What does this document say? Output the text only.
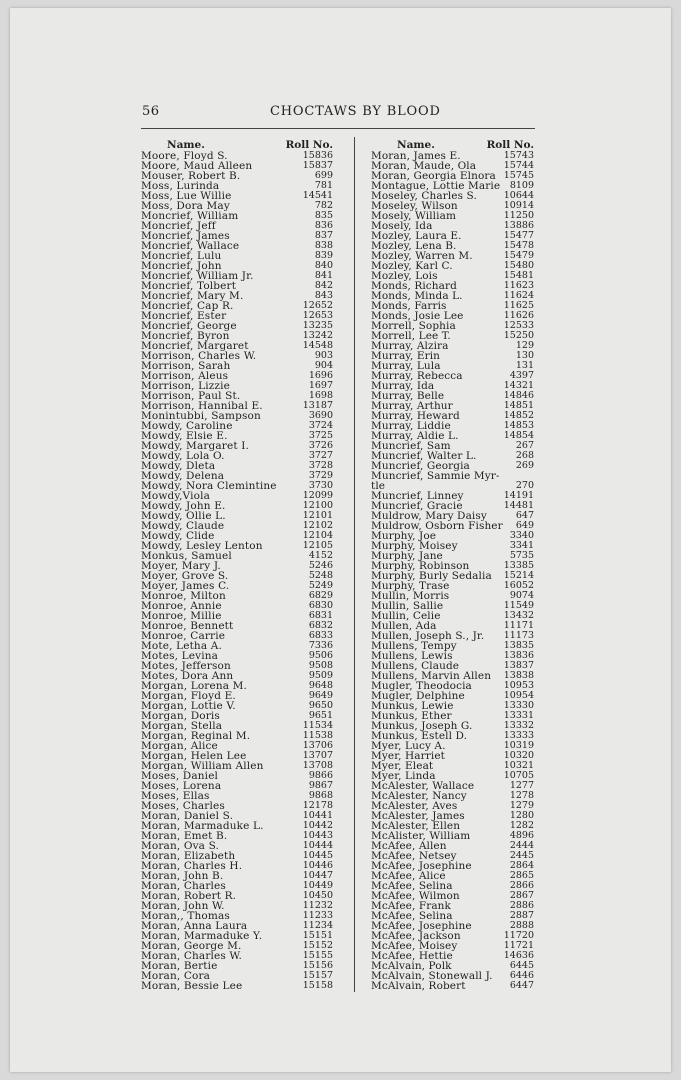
56	CHOCTAWS BY BLOOD
Name.	Roll No.
Moore, Floyd S.	15836
Moore, Maud Alleen	15837
Mouser, Robert B.	699
Moss, Lurinda	781
Moss, Lue Willie	14541
Moss, Dora May	782
Moncrief, William	835
Moncrief, Jeff	836
Moncrief, James	837
Moncrief, Wallace	838
Moncrief, Lulu	839
Moncrief, John	840
Moncrief, William Jr.	841
Moncrief, Tolbert	842
Moncrief, Mary M.	843
Moncrief, Cap R.	12652
Moncrief, Ester	12653
Moncrief, George	13235
Moncrief, Byron	13242
Moncrief, Margaret	14548
Morrison, Charles W.	903
Morrison, Sarah	904
Morrison, Aleus	1696
Morrison, Lizzie	1697
Morrison, Paul St.	1698
Morrison, Hannibal E.	13187
Monintubbi, Sampson	3690
Mowdy, Caroline	3724
Mowdy, Elsie E.	3725
Mowdy, Margaret I.	3726
Mowdy, Lola O.	3727
Mowdy, Dleta	3728
Mowdy, Delena	3729
Mowdy, Nora Clemintine	3730
Mowdy,Viola	12099
Mowdy, John E.	12100
Mowdy, Ollie L.	12101
Mowdy, Claude	12102
Mowdy, Clide	12104
Mowdy, Lesley Lenton	12105
Monkus, Samuel	4152
Moyer, Mary J.	5246
Moyer, Grove S.	5248
Moyer, James C.	5249
Monroe, Milton	6829
Monroe, Annie	6830
Monroe, Millie	6831
Monroe, Bennett	6832
Monroe, Carrie	6833
Mote, Letha A.	7336
Motes, Levina	9506
Motes, Jefferson	9508
Motes, Dora Ann	9509
Morgan, Lorena M.	9648
Morgan, Floyd E.	9649
Morgan, Lottie V.	9650
Morgan, Doris	9651
Morgan, Stella	11534
Morgan, Reginal M.	11538
Morgan, Alice	13706
Morgan, Helen Lee	13707
Morgan, William Allen	13708
Moses, Daniel	9866
Moses, Lorena	9867
Moses, Ellas	9868
Moses, Charles	12178
Moran, Daniel S.	10441
Moran, Marmaduke L.	10442
Moran, Emet B.	10443
Moran, Ova S.	10444
Moran, Elizabeth	10445
Moran, Charles H.	10446
Moran, John B.	10447
Moran, Charles	10449
Moran, Robert R.	10450
Moran, John W.	11232
Moran,, Thomas	11233
Moran, Anna Laura	11234
Moran, Marmaduke Y.	15151
Moran, George M.	15152
Moran, Charles W.	15155
Moran, Bertie	15156
Moran, Cora	15157
Moran, Bessie Lee	15158
Name.	Roll No.
Moran, James E.	15743
Moran, Maude, Ola	15744
Moran, Georgia Elnora 15745
Montague, Lottie Marie 8109
Moseley, Charles S.	10644
Moseley, Wilson	10914
Mosely, William	11250
Mosely, Ida	13886
Mozley, Laura E.	15477
Mozley, Lena B.	15478
Mozley, Warren M.	15479
Mozley, Karl C.	15480
Mozley, Lois	15481
Monds, Richard	11623
Monds, Minda L.	11624
Monds, Farris	11625
Monds, Josie Lee	11626
Morrell, Sophia	12533
Morrell, Lee T.	15250
Murray, Alzira	129
Murray, Erin	130
Murray, Lula	131
Murray, Rebecca	4397
Murray, Ida	14321
Murray, Belle	14846
Murray, Arthur	14851
Murray, Heward	14852
Murray, Liddie	14853
Murray, Aldie L.	14854
Muncrief, Sam	267
Muncrief, Walter L.	268
Muncrief, Georgia	269
Muncrief, Sammie Myr-
tle	270
Muncrief, Linney	14191
Muncrief, Gracie	14481
Muldrow, Mary Daisy	647
Muldrow, Osborn Fisher 649
Murphy, Joe	3340
Murphy, Moisey	3341
Murphy, Jane	5735
Murphy, Robinson	13385
Murphy, Burly Sedalia 15214
Murphy, Trase	16052
Mullin, Morris	9074
Mullin, Sallie	11549
Mullin, Celie	13432
Mullen, Ada	11171
Mullen, Joseph S., Jr. 11173
Mullens, Tempy	13835
Mullens, Lewis	13836
Mullens, Claude	13837
Mullens, Marvin Allen 13838
Mugler, Theodocia	10953
Mugler, Delphine	10954
Munkus, Lewie	13330
Munkus, Ether	13331
Munkus, Joseph G.	13332
Munkus, Estell D.	13333
Myer, Lucy A.	10319
Myer, Harriet	10320
Myer, Eleat	10321
Myer, Linda	10705
McAlester, Wallace	1277
McAlester, Nancy	1278
McAlester, Aves	1279
McAlester, James	1280
McAlester, Ellen	1282
McAlister, William	4896
McAfee, Allen	2444
McAfee, Netsey	2445
McAfee, Josephine	2864
McAfee, Alice	2865
McAfee, Selina	2866
McAfee, Wilmon	2867
McAfee, Frank	2886
McAfee, Selina	2887
McAfee, Josephine	2888
McAfee, Jackson	11720
McAfee, Moisey	11721
McAfee, Hettie	14636
McAlvain, Polk	6445
McAlvain, Stonewall J. 6446
McAlvain, Robert	6447
